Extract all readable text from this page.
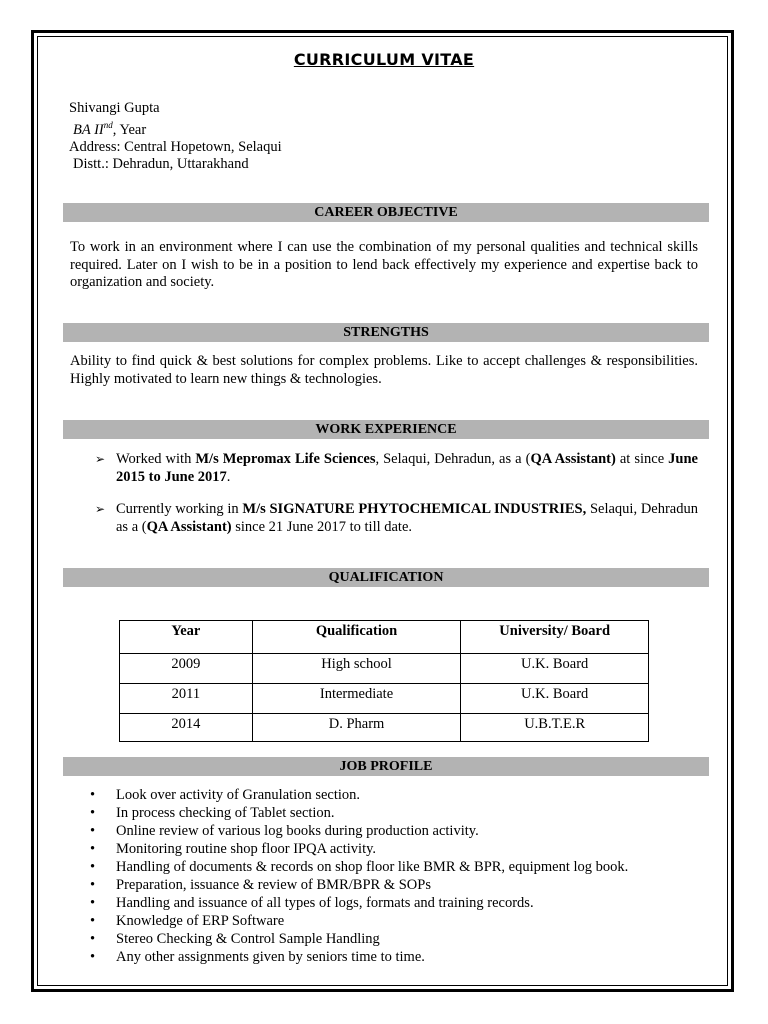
CURRICULUM VITAE
Shivangi Gupta
BA IInd, Year
Address: Central Hopetown, Selaqui
Distt.: Dehradun, Uttarakhand
CAREER OBJECTIVE
To work in an environment where I can use the combination of my personal qualities and technical skills required. Later on I wish to be in a position to lend back effectively my experience and expertise back to organization and society.
STRENGTHS
Ability to find quick & best solutions for complex problems. Like to accept challenges & responsibilities. Highly motivated to learn new things & technologies.
WORK EXPERIENCE
➢ Worked with M/s Mepromax Life Sciences, Selaqui, Dehradun, as a (QA Assistant) at since June 2015 to June 2017.
➢ Currently working in M/s SIGNATURE PHYTOCHEMICAL INDUSTRIES, Selaqui, Dehradun as a (QA Assistant) since 21 June 2017 to till date.
QUALIFICATION
Year	Qualification	University/ Board
2009	High school	U.K. Board
2011	Intermediate	U.K. Board
2014	D. Pharm	U.B.T.E.R
JOB PROFILE
• Look over activity of Granulation section.
• In process checking of Tablet section.
• Online review of various log books during production activity.
• Monitoring routine shop floor IPQA activity.
• Handling of documents & records on shop floor like BMR & BPR, equipment log book.
• Preparation, issuance & review of BMR/BPR & SOPs
• Handling and issuance of all types of logs, formats and training records.
• Knowledge of ERP Software
• Stereo Checking & Control Sample Handling
• Any other assignments given by seniors time to time.
